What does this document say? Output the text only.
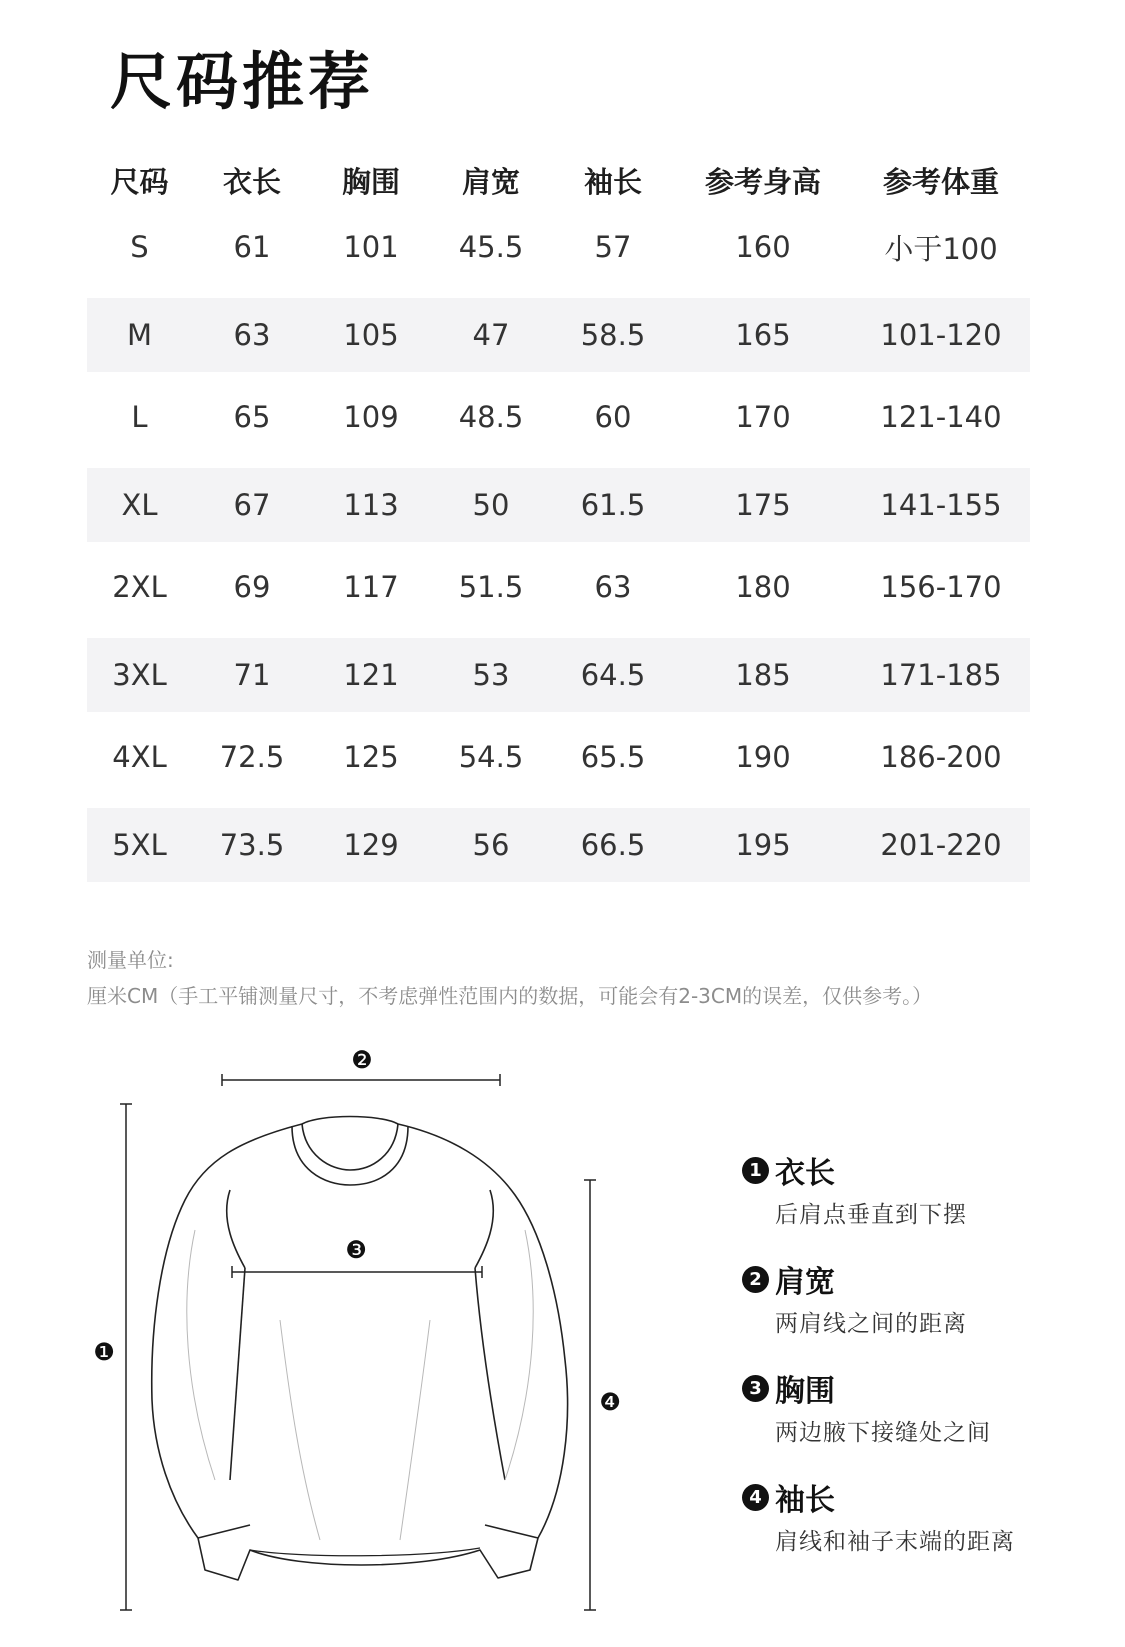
尺码推荐
尺码	衣长	胸围	肩宽	袖长	参考身高	参考体重
S	61	101	45.5	57	160	小于100
M	63	105	47	58.5	165	101-120
L	65	109	48.5	60	170	121-140
XL	67	113	50	61.5	175	141-155
2XL	69	117	51.5	63	180	156-170
3XL	71	121	53	64.5	185	171-185
4XL	72.5	125	54.5	65.5	190	186-200
5XL	73.5	129	56	66.5	195	201-220
测量单位:
厘米CM（手工平铺测量尺寸，不考虑弹性范围内的数据，可能会有2-3CM的误差，仅供参考。）
❶
❷
❸
❹
1 衣长
后肩点垂直到下摆
2 肩宽
两肩线之间的距离
3 胸围
两边腋下接缝处之间
4 袖长
肩线和袖子末端的距离
